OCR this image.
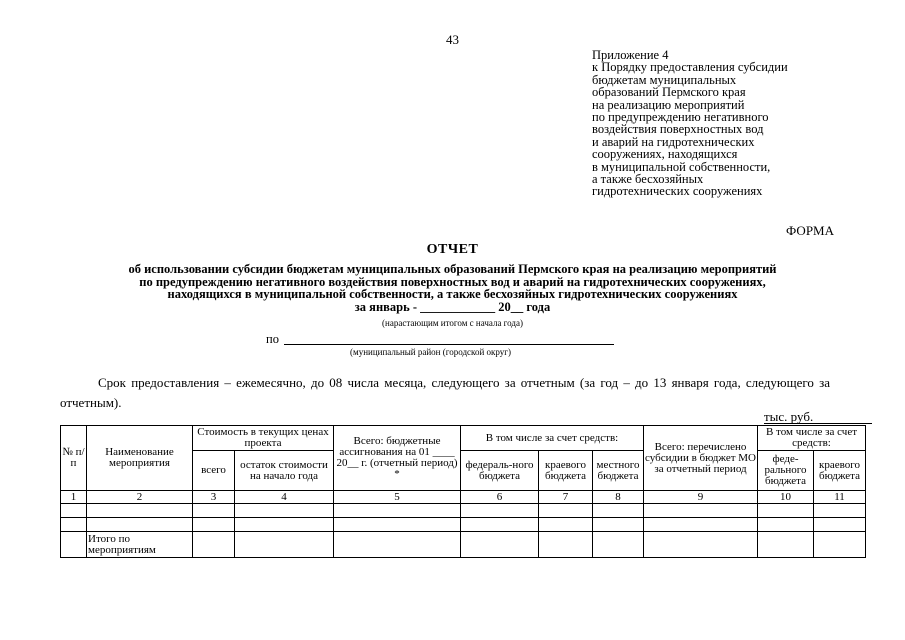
43
Приложение 4
к Порядку предоставления субсидии
бюджетам муниципальных
образований Пермского края
на реализацию мероприятий
по предупреждению негативного
воздействия поверхностных вод
и аварий на гидротехнических
сооружениях, находящихся
в муниципальной собственности,
а также бесхозяйных
гидротехнических сооружениях
ФОРМА
ОТЧЕТ
об использовании субсидии бюджетам муниципальных образований Пермского края на реализацию мероприятий
по предупреждению негативного воздействия поверхностных вод и аварий на гидротехнических сооружениях,
находящихся в муниципальной собственности, а также бесхозяйных гидротехнических сооружениях
за январь - ____________ 20__ года
(нарастающим итогом с начала года)
по
(муниципальный район (городской округ)
Срок предоставления – ежемесячно, до 08 числа месяца, следующего за отчетным (за год – до 13 января года, следующего за отчетным).
тыс. руб.
№ п/п	Наименование мероприятия	Стоимость в текущих ценах проекта		Всего: бюджетные ассигнования на 01 ____ 20__ г. (отчетный период) *	В том числе за счет средств:			Всего: перечислено субсидии в бюджет МО за отчетный период	В том числе за счет средств:	
		всего	остаток стоимости на начало года		федераль-ного бюджета	краевого бюджета	местного бюджета		феде-рального бюджета	краевого бюджета
1	2	3	4	5	6	7	8	9	10	11

	Итого по мероприятиям									
